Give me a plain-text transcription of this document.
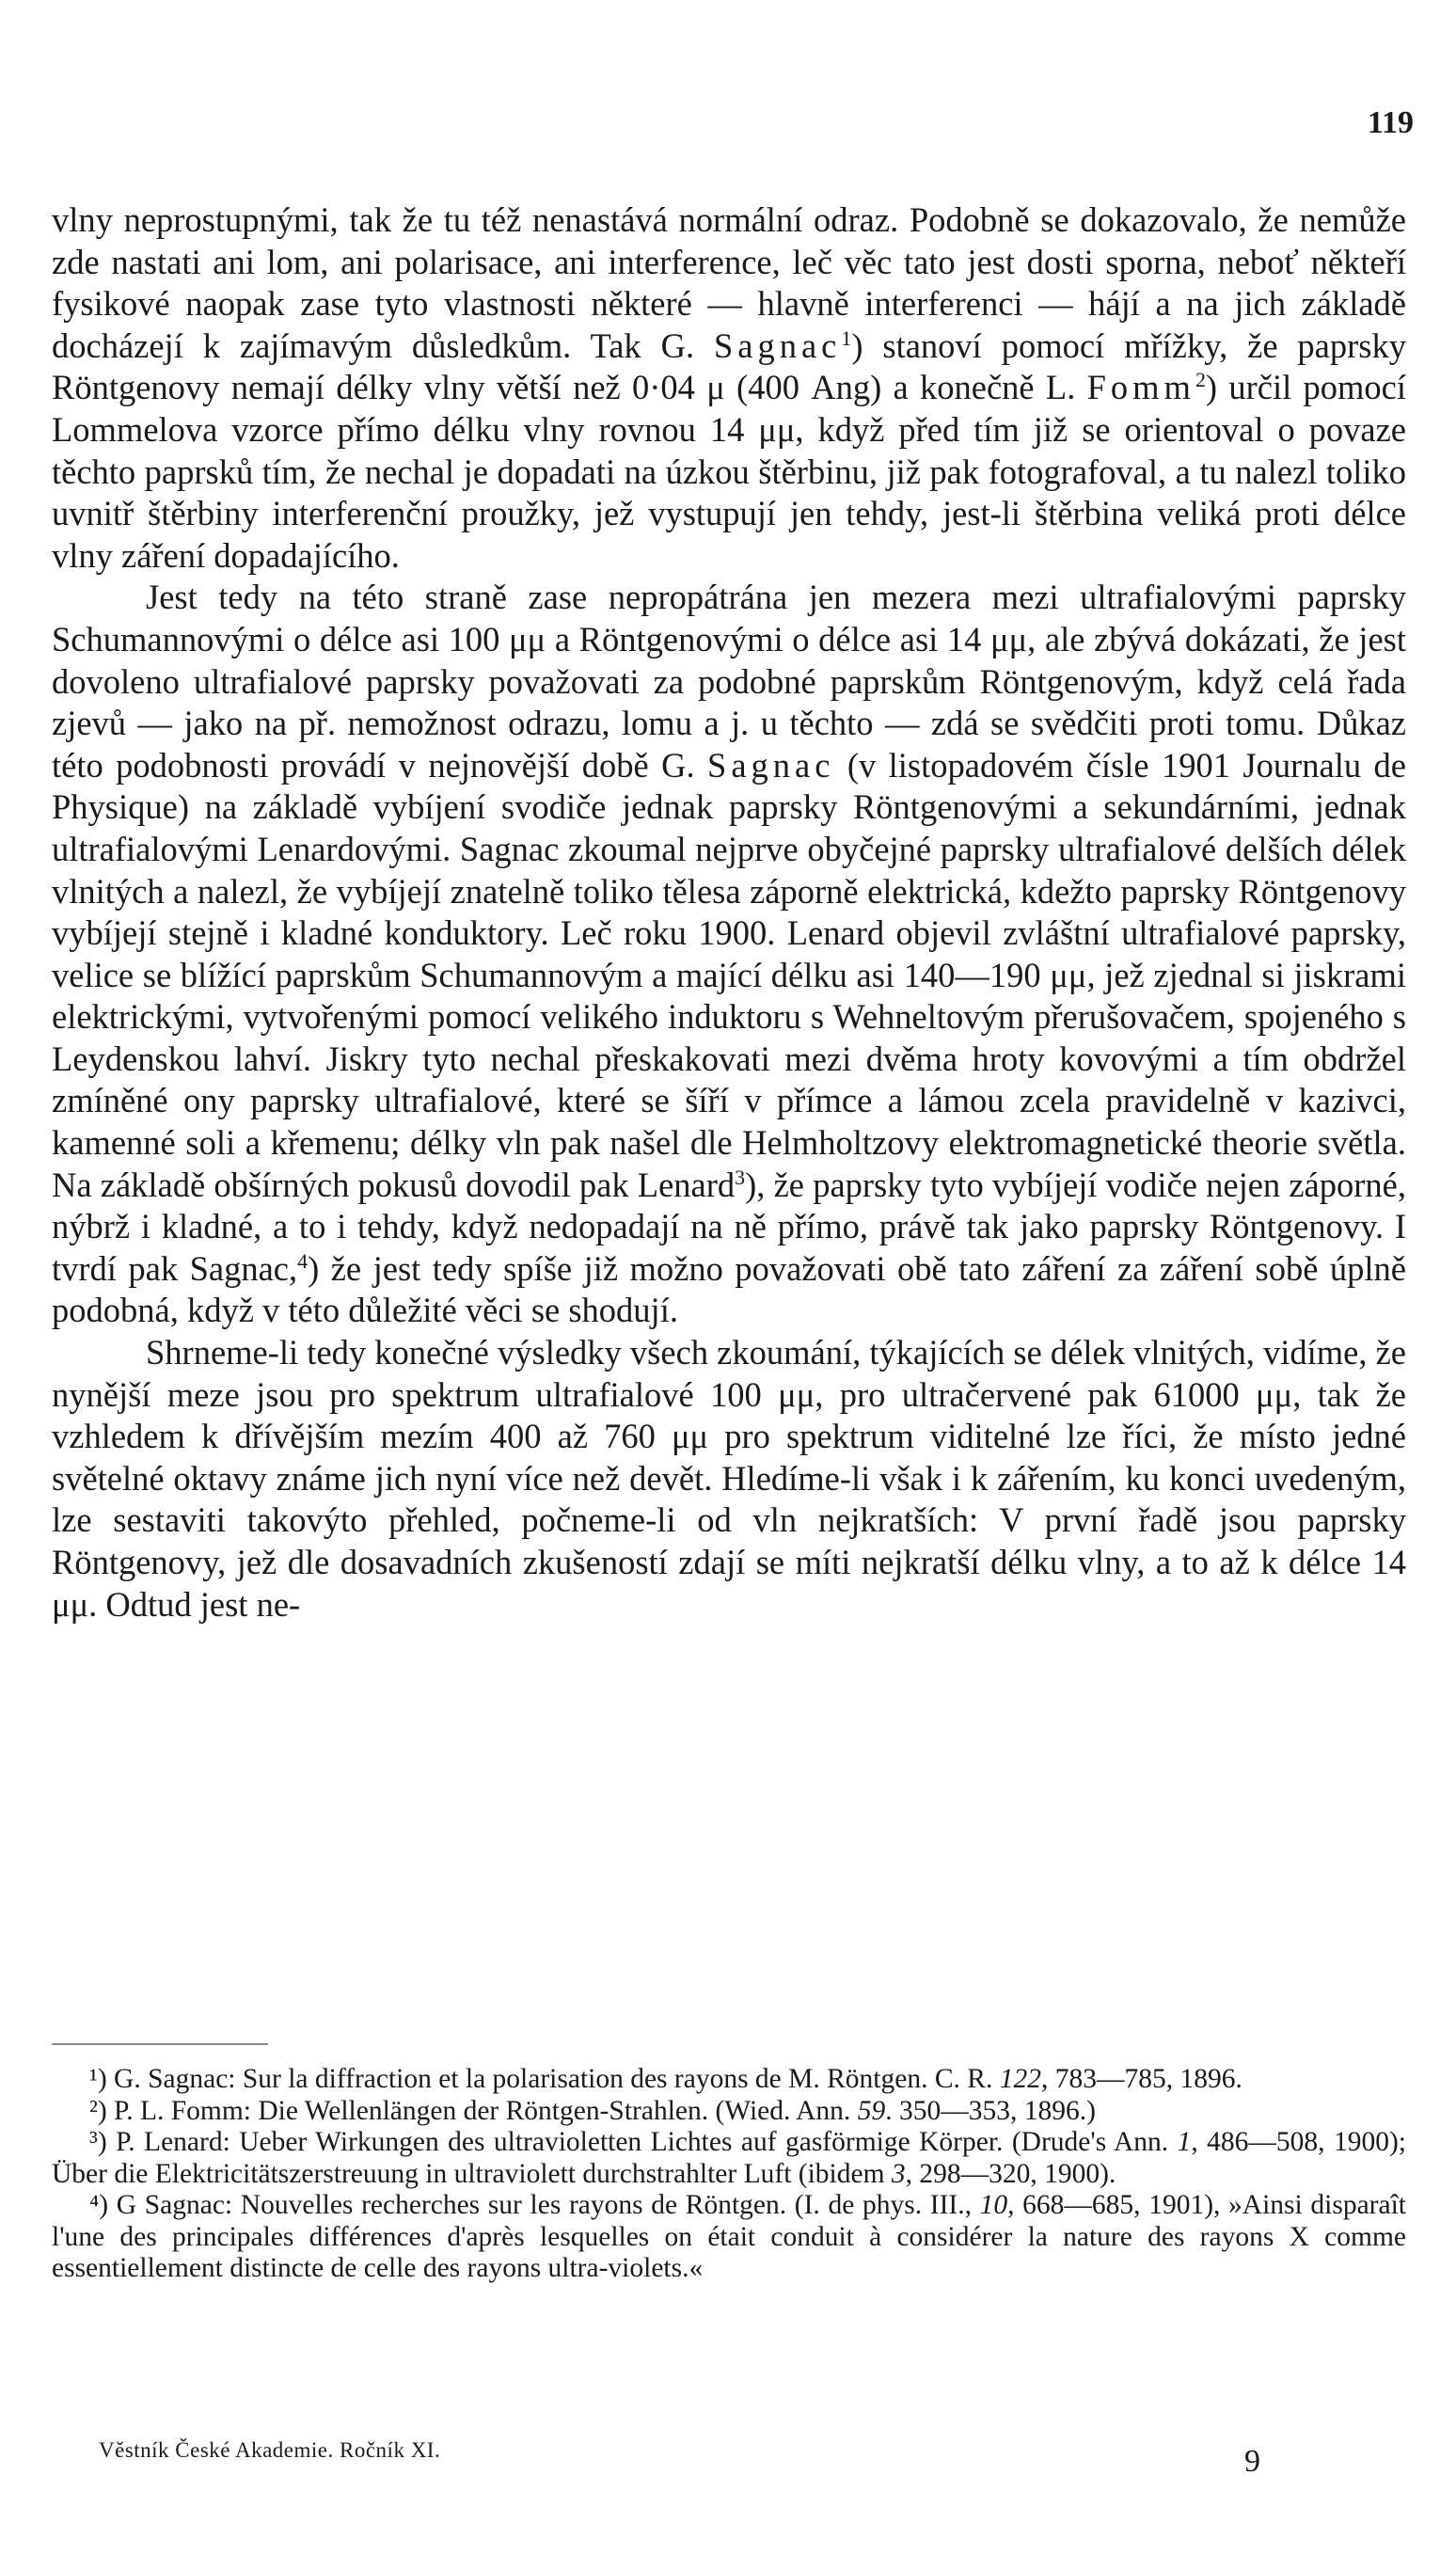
119

vlny neprostupnými, tak že tu též nenastává normální odraz. Podobně se dokazovalo, že nemůže zde nastati ani lom, ani polarisace, ani interference, leč věc tato jest dosti sporna, neboť někteří fysikové naopak zase tyto vlastnosti některé — hlavně interferenci — hájí a na jich základě docházejí k zajímavým důsledkům. Tak G. Sagnac$^1$) stanoví pomocí mřížky, že paprsky Röntgenovy nemají délky vlny větší než 0·04 μ (400 Ang) a konečně L. Fomm$^2$) určil pomocí Lommelova vzorce přímo délku vlny rovnou 14 μμ, když před tím již se orientoval o povaze těchto paprsků tím, že nechal je dopadati na úzkou štěrbinu, již pak fotografoval, a tu nalezl toliko uvnitř štěrbiny interferenční proužky, jež vystupují jen tehdy, jest-li štěrbina veliká proti délce vlny záření dopadajícího.

Jest tedy na této straně zase nepropátrána jen mezera mezi ultrafialovými paprsky Schumannovými o délce asi 100 μμ a Röntgenovými o délce asi 14 μμ, ale zbývá dokázati, že jest dovoleno ultrafialové paprsky považovati za podobné paprskům Röntgenovým, když celá řada zjevů — jako na př. nemožnost odrazu, lomu a j. u těchto — zdá se svědčiti proti tomu. Důkaz této podobnosti provádí v nejnovější době G. Sagnac (v listopadovém čísle 1901 Journalu de Physique) na základě vybíjení svodiče jednak paprsky Röntgenovými a sekundárními, jednak ultrafialovými Lenardovými. Sagnac zkoumal nejprve obyčejné paprsky ultrafialové delších délek vlnitých a nalezl, že vybíjejí znatelně toliko tělesa záporně elektrická, kdežto paprsky Röntgenovy vybíjejí stejně i kladné konduktory. Leč roku 1900. Lenard objevil zvláštní ultrafialové paprsky, velice se blížící paprskům Schumannovým a mající délku asi 140—190 μμ, jež zjednal si jiskrami elektrickými, vytvořenými pomocí velikého induktoru s Wehneltovým přerušovačem, spojeného s Leydenskou lahví. Jiskry tyto nechal přeskakovati mezi dvěma hroty kovovými a tím obdržel zmíněné ony paprsky ultrafialové, které se šíří v přímce a lámou zcela pravidelně v kazivci, kamenné soli a křemenu; délky vln pak našel dle Helmholtzovy elektromagnetické theorie světla. Na základě obšírných pokusů dovodil pak Lenard$^3$), že paprsky tyto vybíjejí vodiče nejen záporné, nýbrž i kladné, a to i tehdy, když nedopadají na ně přímo, právě tak jako paprsky Röntgenovy. I tvrdí pak Sagnac,$^4$) že jest tedy spíše již možno považovati obě tato záření za záření sobě úplně podobná, když v této důležité věci se shodují.

Shrneme-li tedy konečné výsledky všech zkoumání, týkajících se délek vlnitých, vidíme, že nynější meze jsou pro spektrum ultrafialové 100 μμ, pro ultračervené pak 61000 μμ, tak že vzhledem k dřívějším mezím 400 až 760 μμ pro spektrum viditelné lze říci, že místo jedné světelné oktavy známe jich nyní více než devět. Hledíme-li však i k zářením, ku konci uvedeným, lze sestaviti takovýto přehled, počneme-li od vln nejkratších: V první řadě jsou paprsky Röntgenovy, jež dle dosavadních zkušeností zdají se míti nejkratší délku vlny, a to až k délce 14 μμ. Odtud jest ne-

¹) G. Sagnac: Sur la diffraction et la polarisation des rayons de M. Röntgen. C. R. 122, 783—785, 1896.

²) P. L. Fomm: Die Wellenlängen der Röntgen-Strahlen. (Wied. Ann. 59. 350—353, 1896.)

³) P. Lenard: Ueber Wirkungen des ultravioletten Lichtes auf gasförmige Körper. (Drude's Ann. 1, 486—508, 1900); Über die Elektricitätszerstreuung in ultraviolett durchstrahlter Luft (ibidem 3, 298—320, 1900).

⁴) G Sagnac: Nouvelles recherches sur les rayons de Röntgen. (I. de phys. III., 10, 668—685, 1901), »Ainsi disparaît l'une des principales différences d'après lesquelles on était conduit à considérer la nature des rayons X comme essentiellement distincte de celle des rayons ultra-violets.«

Věstník České Akademie. Ročník XI.	9
